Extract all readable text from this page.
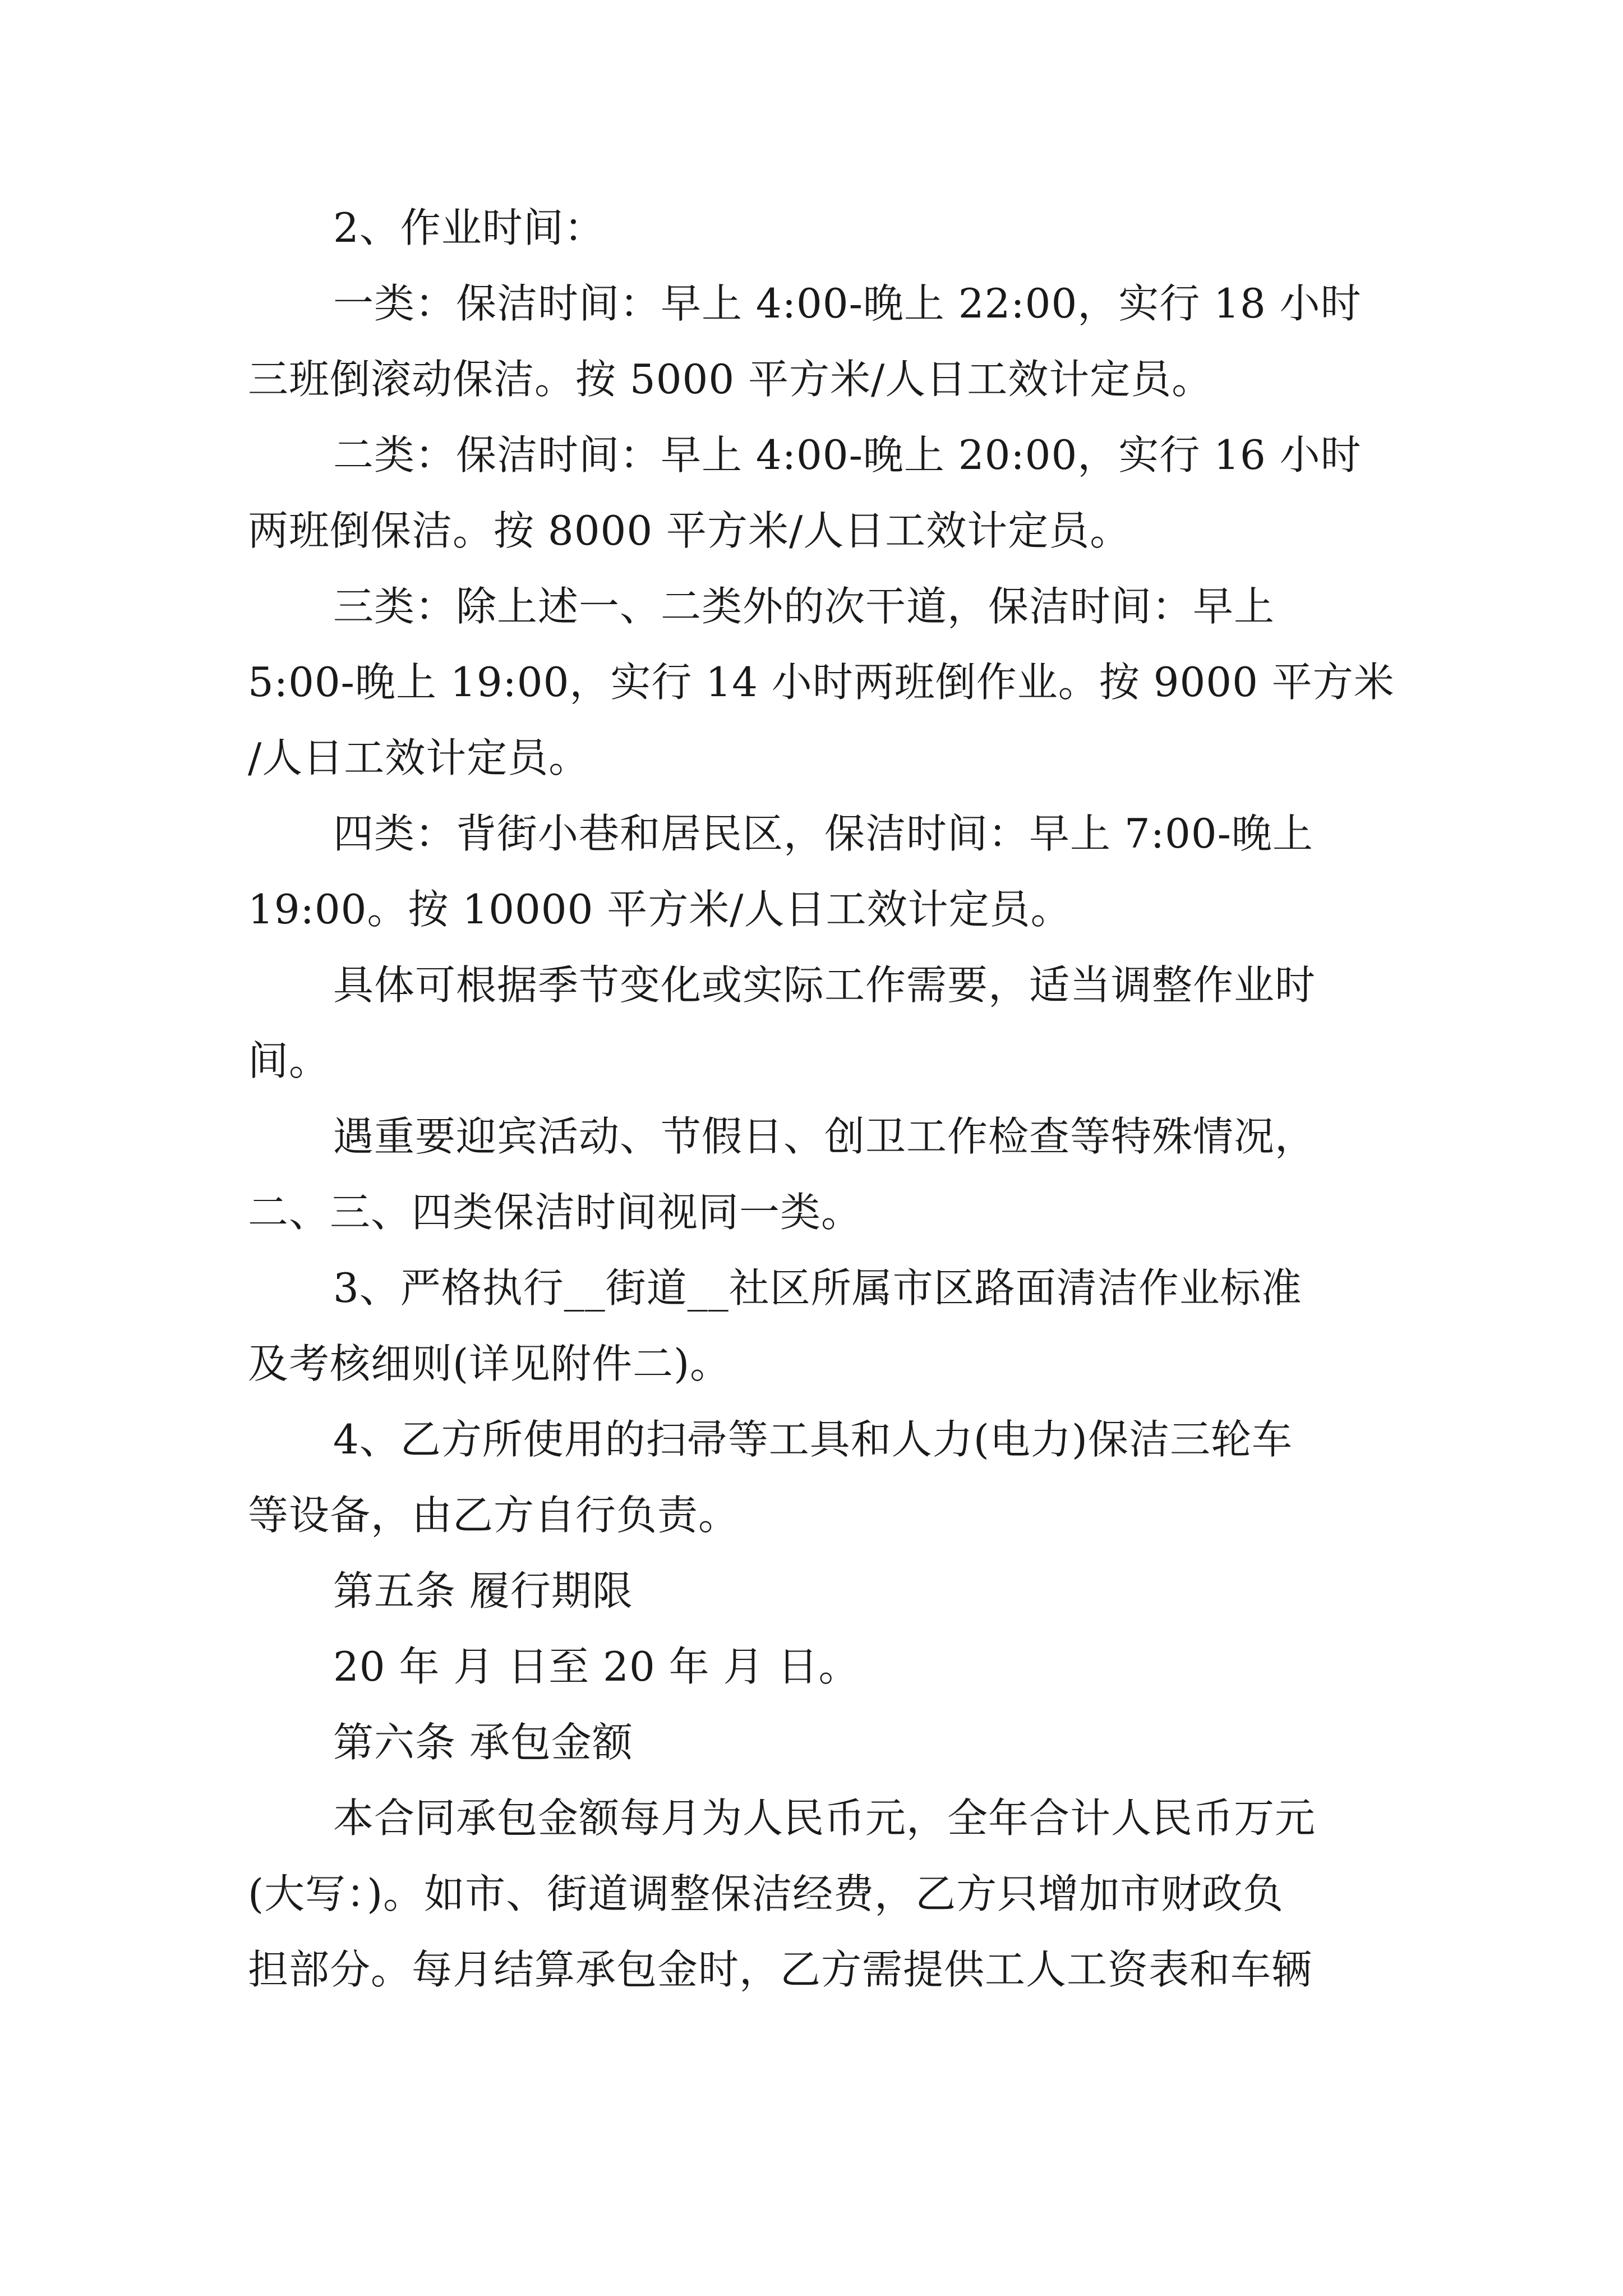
2、作业时间：
一类：保洁时间：早上 4:00-晚上 22:00，实行 18 小时
三班倒滚动保洁。按 5000 平方米/人日工效计定员。
二类：保洁时间：早上 4:00-晚上 20:00，实行 16 小时
两班倒保洁。按 8000 平方米/人日工效计定员。
三类：除上述一、二类外的次干道，保洁时间：早上
5:00-晚上 19:00，实行 14 小时两班倒作业。按 9000 平方米
/人日工效计定员。
四类：背街小巷和居民区，保洁时间：早上 7:00-晚上
19:00。按 10000 平方米/人日工效计定员。
具体可根据季节变化或实际工作需要，适当调整作业时
间。
遇重要迎宾活动、节假日、创卫工作检查等特殊情况，
二、三、四类保洁时间视同一类。
3、严格执行__街道__社区所属市区路面清洁作业标准
及考核细则(详见附件二)。
4、乙方所使用的扫帚等工具和人力(电力)保洁三轮车
等设备，由乙方自行负责。
第五条 履行期限
20 年 月 日至 20 年 月 日。
第六条 承包金额
本合同承包金额每月为人民币元，全年合计人民币万元
(大写：)。如市、街道调整保洁经费，乙方只增加市财政负
担部分。每月结算承包金时，乙方需提供工人工资表和车辆
